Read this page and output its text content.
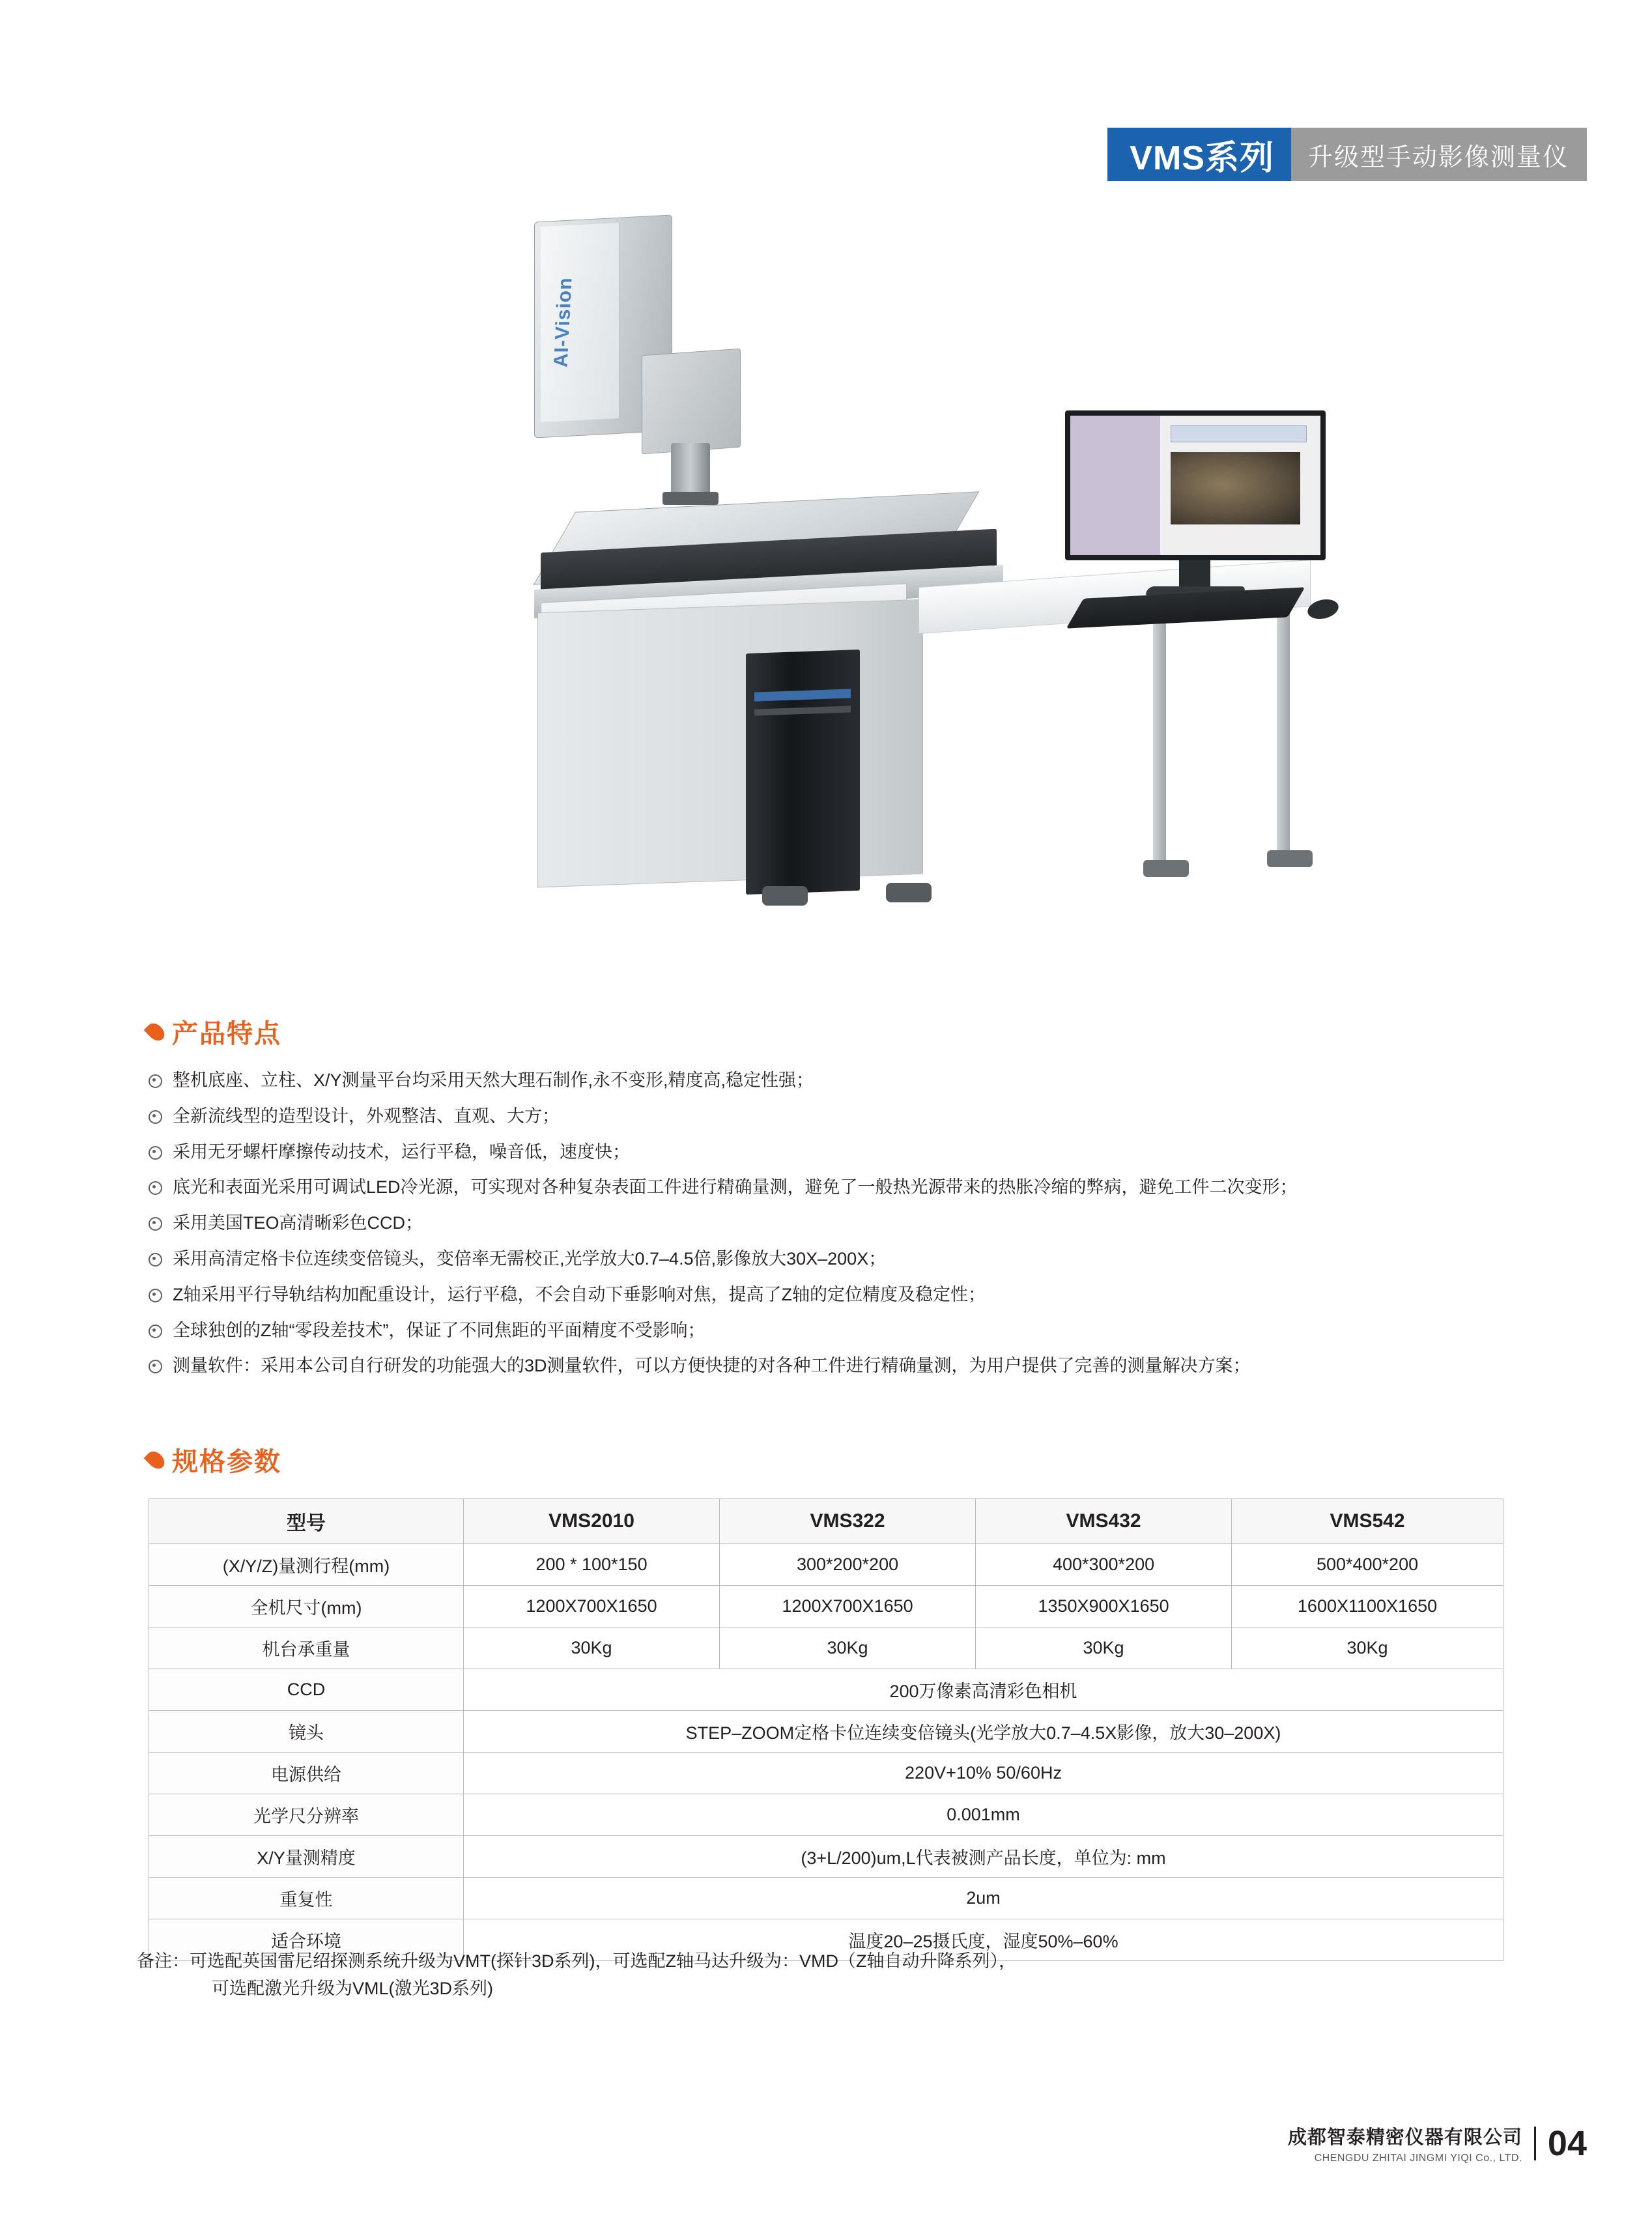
VMS系列	升级型手动影像测量仪
AI-Vision
产品特点
整机底座、立柱、X/Y测量平台均采用天然大理石制作,永不变形,精度高,稳定性强；
全新流线型的造型设计，外观整洁、直观、大方；
采用无牙螺杆摩擦传动技术，运行平稳，噪音低，速度快；
底光和表面光采用可调试LED冷光源，可实现对各种复杂表面工件进行精确量测，避免了一般热光源带来的热胀冷缩的弊病，避免工件二次变形；
采用美国TEO高清晰彩色CCD；
采用高清定格卡位连续变倍镜头，变倍率无需校正,光学放大0.7–4.5倍,影像放大30X–200X；
Z轴采用平行导轨结构加配重设计，运行平稳，不会自动下垂影响对焦，提高了Z轴的定位精度及稳定性；
全球独创的Z轴“零段差技术”，保证了不同焦距的平面精度不受影响；
测量软件：采用本公司自行研发的功能强大的3D测量软件，可以方便快捷的对各种工件进行精确量测，为用户提供了完善的测量解决方案；
规格参数
型号	VMS2010	VMS322	VMS432	VMS542
(X/Y/Z)量测行程(mm)	200 * 100*150	300*200*200	400*300*200	500*400*200
全机尺寸(mm)	1200X700X1650	1200X700X1650	1350X900X1650	1600X1100X1650
机台承重量	30Kg	30Kg	30Kg	30Kg
CCD	200万像素高清彩色相机			
镜头	STEP–ZOOM定格卡位连续变倍镜头(光学放大0.7–4.5X影像，放大30–200X)			
电源供给	220V+10% 50/60Hz			
光学尺分辨率	0.001mm			
X/Y量测精度	(3+L/200)um,L代表被测产品长度，单位为: mm			
重复性	2um			
适合环境	温度20–25摄氏度，湿度50%–60%			
备注：可选配英国雷尼绍探测系统升级为VMT(探针3D系列)，可选配Z轴马达升级为：VMD（Z轴自动升降系列），
可选配激光升级为VML(激光3D系列)
成都智泰精密仪器有限公司
CHENGDU ZHITAI JINGMI YIQI Co., LTD. 04
